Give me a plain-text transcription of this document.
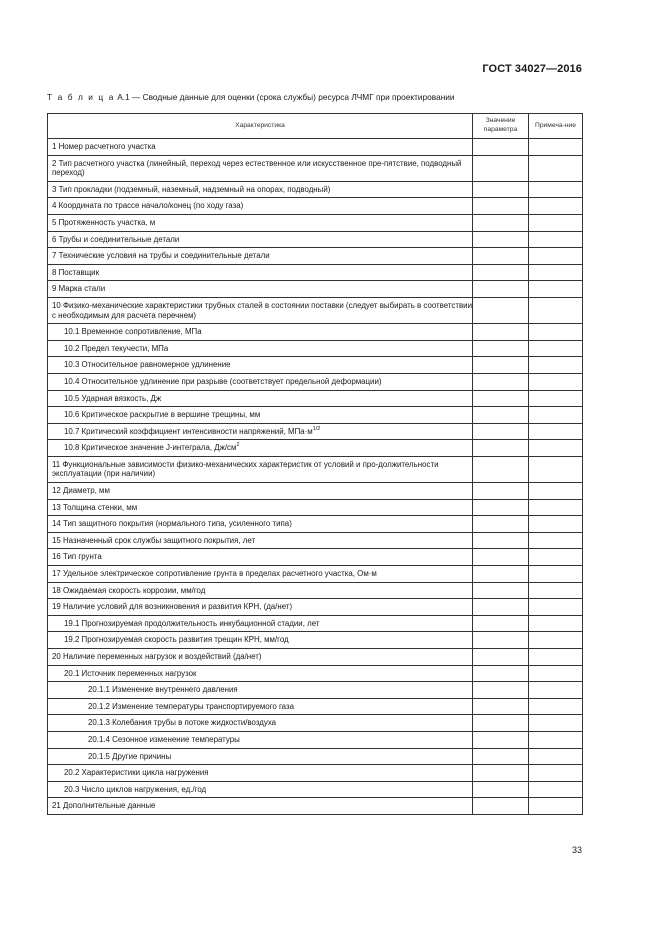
ГОСТ 34027—2016
Т а б л и ц а А.1 — Сводные данные для оценки (срока службы) ресурса ЛЧМГ при проектировании
Характеристика	Значение параметра	Примеча-ние
1 Номер расчетного участка		
2 Тип расчетного участка (линейный, переход через естественное или искусственное пре-пятствие, подводный переход)		
3 Тип прокладки (подземный, наземный, надземный на опорах, подводный)		
4 Координата по трассе начало/конец (по ходу газа)		
5 Протяженность участка, м		
6 Трубы и соединительные детали		
7 Технические условия на трубы и соединительные детали		
8 Поставщик		
9 Марка стали		
10 Физико-механические характеристики трубных сталей в состоянии поставки (следует выбирать в соответствии с необходимым для расчета перечнем)		
10.1 Временное сопротивление, МПа		
10.2 Предел текучести, МПа		
10.3 Относительное равномерное удлинение		
10.4 Относительное удлинение при разрыве (соответствует предельной деформации)		
10.5 Ударная вязкость, Дж		
10.6 Критическое раскрытие в вершине трещины, мм		
10.7 Критический коэффициент интенсивности напряжений, $МПа\cdot м^{1/2}$		
10.8 Критическое значение J-интеграла, $Дж/см^2$		
11 Функциональные зависимости физико-механических характеристик от условий и про-должительности эксплуатации (при наличии)		
12 Диаметр, мм		
13 Толщина стенки, мм		
14 Тип защитного покрытия (нормального типа, усиленного типа)		
15 Назначенный срок службы защитного покрытия, лет		
16 Тип грунта		
17 Удельное электрическое сопротивление грунта в пределах расчетного участка, Ом·м		
18 Ожидаемая скорость коррозии, мм/год		
19 Наличие условий для возникновения и развития КРН, (да/нет)		
19.1 Прогнозируемая продолжительность инкубационной стадии, лет		
19.2 Прогнозируемая скорость развития трещин КРН, мм/год		
20 Наличие переменных нагрузок и воздействий (да/нет)		
20.1 Источник переменных нагрузок		
20.1.1 Изменение внутреннего давления		
20.1.2 Изменение температуры транспортируемого газа		
20.1.3 Колебания трубы в потоке жидкости/воздуха		
20.1.4 Сезонное изменение температуры		
20.1.5 Другие причины		
20.2 Характеристики цикла нагружения		
20.3 Число циклов нагружения, ед./год		
21 Дополнительные данные		
33
